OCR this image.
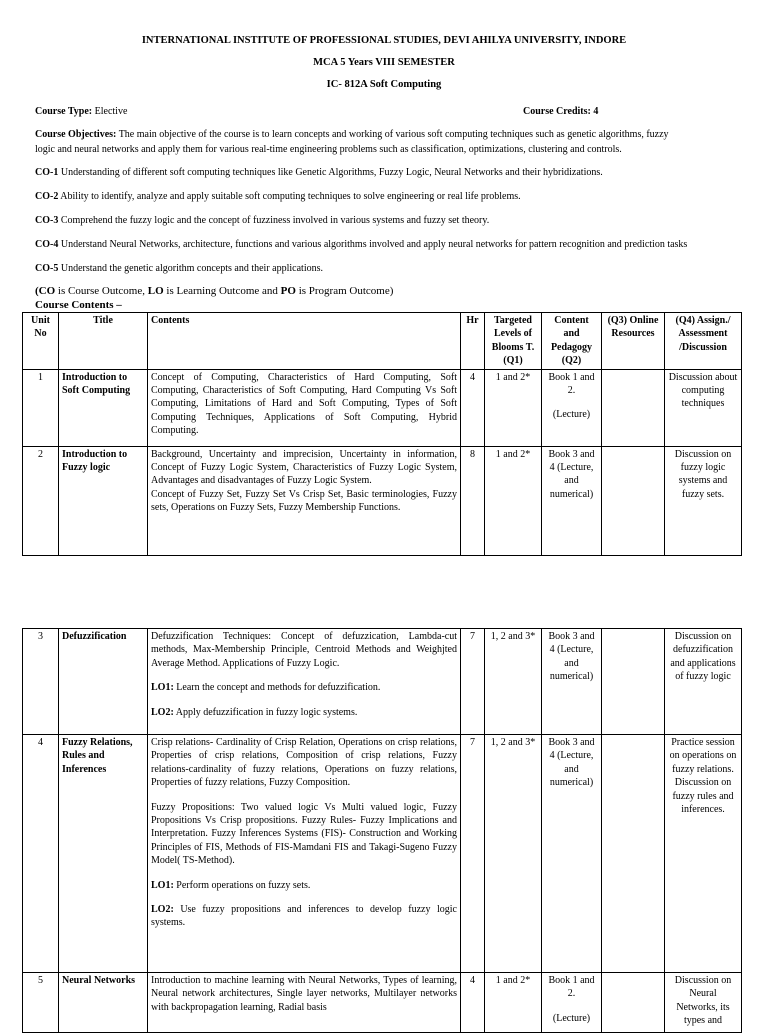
INTERNATIONAL INSTITUTE OF PROFESSIONAL STUDIES, DEVI AHILYA UNIVERSITY, INDORE
MCA 5 Years VIII SEMESTER
IC- 812A Soft Computing
Course Type: Elective	Course Credits: 4
Course Objectives: The main objective of the course is to learn concepts and working of various soft computing techniques such as genetic algorithms, fuzzy
logic and neural networks and apply them for various real-time engineering problems such as classification, optimizations, clustering and controls.
CO-1 Understanding of different soft computing techniques like Genetic Algorithms, Fuzzy Logic, Neural Networks and their hybridizations.
CO-2 Ability to identify, analyze and apply suitable soft computing techniques to solve engineering or real life problems.
CO-3 Comprehend the fuzzy logic and the concept of fuzziness involved in various systems and fuzzy set theory.
CO-4 Understand Neural Networks, architecture, functions and various algorithms involved and apply neural networks for pattern recognition and prediction tasks
CO-5 Understand the genetic algorithm concepts and their applications.
(CO is Course Outcome, LO is Learning Outcome and PO is Program Outcome)
Course Contents –
Unit No	Title	Contents	Hr	Targeted Levels of Blooms T. (Q1)	Content and Pedagogy (Q2)	(Q3) Online Resources	(Q4) Assign./ Assessment /Discussion
1	Introduction to Soft Computing	Concept of Computing, Characteristics of Hard Computing, Soft Computing, Characteristics of Soft Computing, Hard Computing Vs Soft Computing, Limitations of Hard and Soft Computing, Types of Soft Computing Techniques, Applications of Soft Computing, Hybrid Computing.	4	1 and 2*	Book 1 and 2.

(Lecture)		Discussion about computing techniques
2	Introduction to Fuzzy logic	Background, Uncertainty and imprecision, Uncertainty in information, Concept of Fuzzy Logic System, Characteristics of Fuzzy Logic System, Advantages and disadvantages of Fuzzy Logic System.

Concept of Fuzzy Set, Fuzzy Set Vs Crisp Set, Basic terminologies, Fuzzy sets, Operations on Fuzzy Sets, Fuzzy Membership Functions.	8	1 and 2*	Book 3 and 4 (Lecture, and numerical)		Discussion on fuzzy logic systems and fuzzy sets.
3	Defuzzification	Defuzzification Techniques: Concept of defuzzication, Lambda-cut methods, Max-Membership Principle, Centroid Methods and Weighjted Average Method. Applications of Fuzzy Logic.

LO1: Learn the concept and methods for defuzzification.

LO2: Apply defuzzification in fuzzy logic systems.	7	1, 2 and 3*	Book 3 and 4 (Lecture, and numerical)		Discussion on defuzzification and applications of fuzzy logic
4	Fuzzy Relations, Rules and Inferences	Crisp relations- Cardinality of Crisp Relation, Operations on crisp relations, Properties of crisp relations, Composition of crisp relations, Fuzzy relations-cardinality of fuzzy relations, Operations on fuzzy relations, Properties of fuzzy relations, Fuzzy Composition.

Fuzzy Propositions: Two valued logic Vs Multi valued logic, Fuzzy Propositions Vs Crisp propositions. Fuzzy Rules- Fuzzy Implications and Interpretation. Fuzzy Inferences Systems (FIS)- Construction and Working Principles of FIS, Methods of FIS-Mamdani FIS and Takagi-Sugeno Fuzzy Model( TS-Method).

LO1: Perform operations on fuzzy sets.

LO2: Use fuzzy propositions and inferences to develop fuzzy logic systems.	7	1, 2 and 3*	Book 3 and 4 (Lecture, and numerical)		Practice session on operations on fuzzy relations. Discussion on fuzzy rules and inferences.
5	Neural Networks	Introduction to machine learning with Neural Networks, Types of learning, Neural network architectures, Single layer networks, Multilayer networks with backpropagation learning, Radial basis	4	1 and 2*	Book 1 and 2.

(Lecture)		Discussion on Neural Networks, its types and
